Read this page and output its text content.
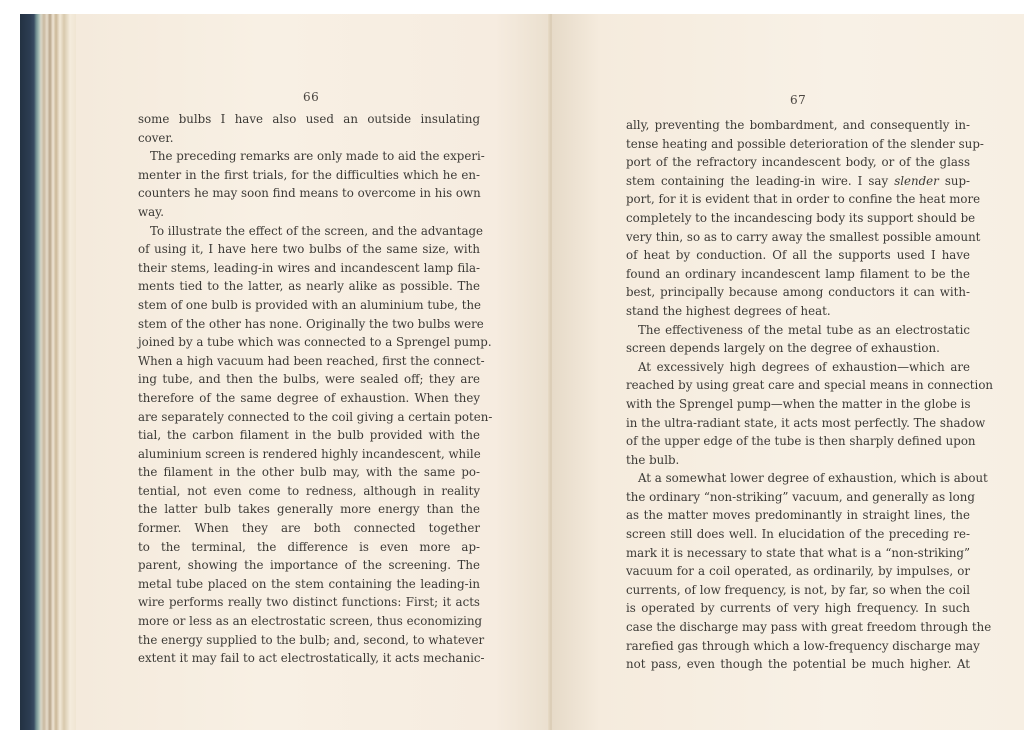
66
some bulbs I have also used an outside insulating
cover.
The preceding remarks are only made to aid the experi-
menter in the first trials, for the difficulties which he en-
counters he may soon find means to overcome in his own
way.
To illustrate the effect of the screen, and the advantage
of using it, I have here two bulbs of the same size, with
their stems, leading-in wires and incandescent lamp fila-
ments tied to the latter, as nearly alike as possible. The
stem of one bulb is provided with an aluminium tube, the
stem of the other has none. Originally the two bulbs were
joined by a tube which was connected to a Sprengel pump.
When a high vacuum had been reached, first the connect-
ing tube, and then the bulbs, were sealed off; they are
therefore of the same degree of exhaustion. When they
are separately connected to the coil giving a certain poten-
tial, the carbon filament in the bulb provided with the
aluminium screen is rendered highly incandescent, while
the filament in the other bulb may, with the same po-
tential, not even come to redness, although in reality
the latter bulb takes generally more energy than the
former. When they are both connected together
to the terminal, the difference is even more ap-
parent, showing the importance of the screening. The
metal tube placed on the stem containing the leading-in
wire performs really two distinct functions: First; it acts
more or less as an electrostatic screen, thus economizing
the energy supplied to the bulb; and, second, to whatever
extent it may fail to act electrostatically, it acts mechanic-
67
ally, preventing the bombardment, and consequently in-
tense heating and possible deterioration of the slender sup-
port of the refractory incandescent body, or of the glass
stem containing the leading-in wire. I say slender sup-
port, for it is evident that in order to confine the heat more
completely to the incandescing body its support should be
very thin, so as to carry away the smallest possible amount
of heat by conduction. Of all the supports used I have
found an ordinary incandescent lamp filament to be the
best, principally because among conductors it can with-
stand the highest degrees of heat.
The effectiveness of the metal tube as an electrostatic
screen depends largely on the degree of exhaustion.
At excessively high degrees of exhaustion—which are
reached by using great care and special means in connection
with the Sprengel pump—when the matter in the globe is
in the ultra-radiant state, it acts most perfectly. The shadow
of the upper edge of the tube is then sharply defined upon
the bulb.
At a somewhat lower degree of exhaustion, which is about
the ordinary “non-striking” vacuum, and generally as long
as the matter moves predominantly in straight lines, the
screen still does well. In elucidation of the preceding re-
mark it is necessary to state that what is a “non-striking”
vacuum for a coil operated, as ordinarily, by impulses, or
currents, of low frequency, is not, by far, so when the coil
is operated by currents of very high frequency. In such
case the discharge may pass with great freedom through the
rarefied gas through which a low-frequency discharge may
not pass, even though the potential be much higher. At
